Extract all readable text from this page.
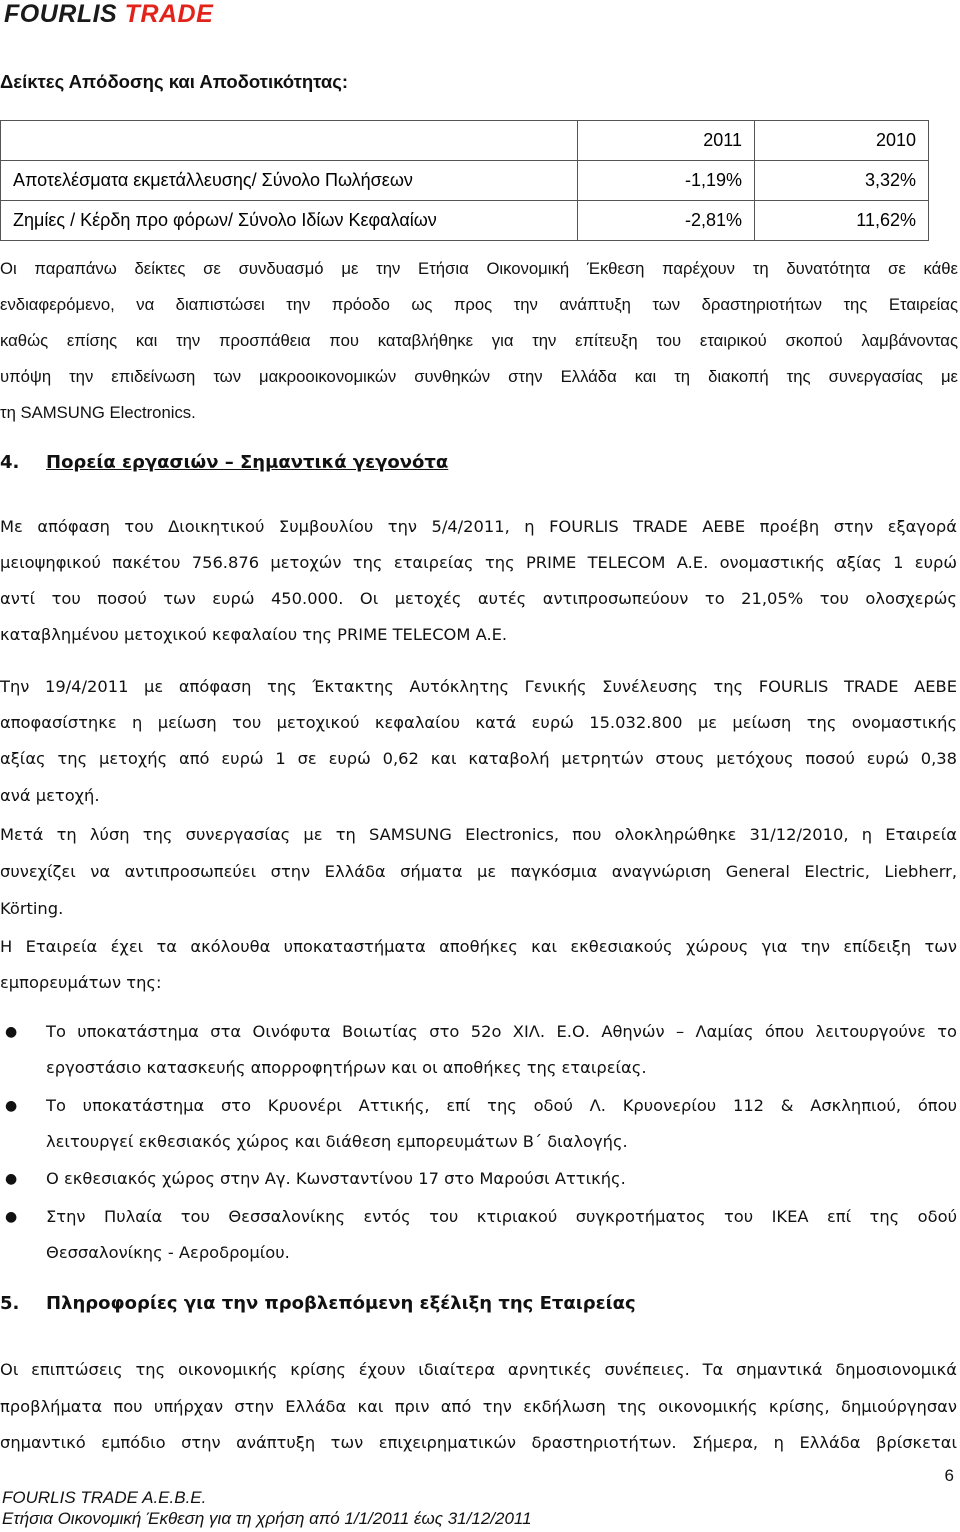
FOURLIS TRADE
Δείκτες Απόδοσης και Αποδοτικότητας:
	2011	2010
Αποτελέσματα εκμετάλλευσης/ Σύνολο Πωλήσεων	-1,19%	3,32%
Ζημίες / Κέρδη προ φόρων/ Σύνολο Ιδίων Κεφαλαίων	-2,81%	11,62%
Οι παραπάνω δείκτες σε συνδυασμό με την Ετήσια Οικονομική Έκθεση παρέχουν τη δυνατότητα σε κάθε
ενδιαφερόμενο, να διαπιστώσει την πρόοδο ως προς την ανάπτυξη των δραστηριοτήτων της Εταιρείας
καθώς επίσης και την προσπάθεια που καταβλήθηκε για την επίτευξη του εταιρικού σκοπού λαμβάνοντας
υπόψη την επιδείνωση των μακροοικονομικών συνθηκών στην Ελλάδα και τη διακοπή της συνεργασίας με
τη SAMSUNG Electronics.
4. Πορεία εργασιών – Σημαντικά γεγονότα
Με απόφαση του Διοικητικού Συμβουλίου την 5/4/2011, η FOURLIS TRADE AEBE προέβη στην εξαγορά
μειοψηφικού πακέτου 756.876 μετοχών της εταιρείας της PRIME TELECOM A.E. ονομαστικής αξίας 1 ευρώ
αντί του ποσού των ευρώ 450.000. Οι μετοχές αυτές αντιπροσωπεύουν το 21,05% του ολοσχερώς
καταβλημένου μετοχικού κεφαλαίου της PRIME TELECOM A.E.
Την 19/4/2011 με απόφαση της Έκτακτης Αυτόκλητης Γενικής Συνέλευσης της FOURLIS TRADE AEBE
αποφασίστηκε η μείωση του μετοχικού κεφαλαίου κατά ευρώ 15.032.800 με μείωση της ονομαστικής
αξίας της μετοχής από ευρώ 1 σε ευρώ 0,62 και καταβολή μετρητών στους μετόχους ποσού ευρώ 0,38
ανά μετοχή.
Μετά τη λύση της συνεργασίας με τη SAMSUNG Electronics, που ολοκληρώθηκε 31/12/2010, η Εταιρεία
συνεχίζει να αντιπροσωπεύει στην Ελλάδα σήματα με παγκόσμια αναγνώριση General Electric, Liebherr,
Körting.
Η Εταιρεία έχει τα ακόλουθα υποκαταστήματα αποθήκες και εκθεσιακούς χώρους για την επίδειξη των
εμπορευμάτων της:
● Το υποκατάστημα στα Οινόφυτα Βοιωτίας στο 52ο ΧΙΛ. Ε.Ο. Αθηνών – Λαμίας όπου λειτουργούνε το
εργοστάσιο κατασκευής απορροφητήρων και οι αποθήκες της εταιρείας.
● Το υποκατάστημα στο Κρυονέρι Αττικής, επί της οδού Λ. Κρυονερίου 112 & Ασκληπιού, όπου
λειτουργεί εκθεσιακός χώρος και διάθεση εμπορευμάτων Β΄ διαλογής.
● Ο εκθεσιακός χώρος στην Αγ. Κωνσταντίνου 17 στο Μαρούσι Αττικής.
● Στην Πυλαία του Θεσσαλονίκης εντός του κτιριακού συγκροτήματος του ΙΚΕΑ επί της οδού
Θεσσαλονίκης - Αεροδρομίου.
5. Πληροφορίες για την προβλεπόμενη εξέλιξη της Εταιρείας
Οι επιπτώσεις της οικονομικής κρίσης έχουν ιδιαίτερα αρνητικές συνέπειες. Τα σημαντικά δημοσιονομικά
προβλήματα που υπήρχαν στην Ελλάδα και πριν από την εκδήλωση της οικονομικής κρίσης, δημιούργησαν
σημαντικό εμπόδιο στην ανάπτυξη των επιχειρηματικών δραστηριοτήτων. Σήμερα, η Ελλάδα βρίσκεται
6
FOURLIS TRADE A.E.B.E.
Ετήσια Οικονομική Έκθεση για τη χρήση από 1/1/2011 έως 31/12/2011
